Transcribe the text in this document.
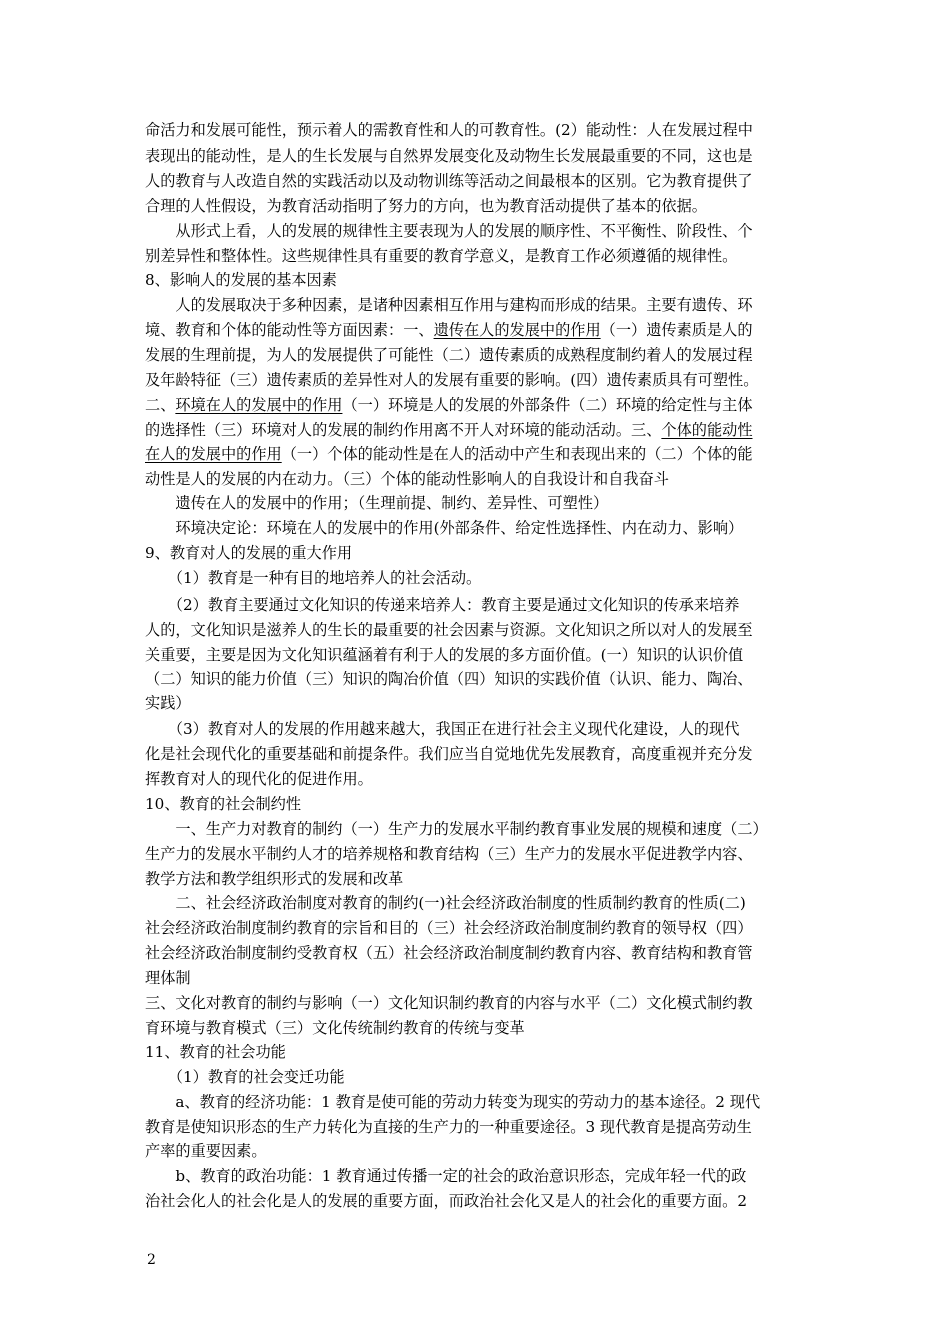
命活力和发展可能性，预示着人的需教育性和人的可教育性。(2）能动性：人在发展过程中
表现出的能动性，是人的生长发展与自然界发展变化及动物生长发展最重要的不同，这也是
人的教育与人改造自然的实践活动以及动物训练等活动之间最根本的区别。它为教育提供了
合理的人性假设，为教育活动指明了努力的方向，也为教育活动提供了基本的依据。
　　从形式上看，人的发展的规律性主要表现为人的发展的顺序性、不平衡性、阶段性、个
别差异性和整体性。这些规律性具有重要的教育学意义，是教育工作必须遵循的规律性。
8、影响人的发展的基本因素
　　人的发展取决于多种因素，是诸种因素相互作用与建构而形成的结果。主要有遗传、环
境、教育和个体的能动性等方面因素：一、遗传在人的发展中的作用（一）遗传素质是人的
发展的生理前提，为人的发展提供了可能性（二）遗传素质的成熟程度制约着人的发展过程
及年龄特征（三）遗传素质的差异性对人的发展有重要的影响。(四）遗传素质具有可塑性。
二、环境在人的发展中的作用（一）环境是人的发展的外部条件（二）环境的给定性与主体
的选择性（三）环境对人的发展的制约作用离不开人对环境的能动活动。三、个体的能动性
在人的发展中的作用（一）个体的能动性是在人的活动中产生和表现出来的（二）个体的能
动性是人的发展的内在动力。（三）个体的能动性影响人的自我设计和自我奋斗
　　遗传在人的发展中的作用；（生理前提、制约、差异性、可塑性）
　　环境决定论：环境在人的发展中的作用(外部条件、给定性选择性、内在动力、影响）
9、教育对人的发展的重大作用
　　（1）教育是一种有目的地培养人的社会活动。
　　（2）教育主要通过文化知识的传递来培养人：教育主要是通过文化知识的传承来培养
人的，文化知识是滋养人的生长的最重要的社会因素与资源。文化知识之所以对人的发展至
关重要，主要是因为文化知识蕴涵着有利于人的发展的多方面价值。(一）知识的认识价值
（二）知识的能力价值（三）知识的陶冶价值（四）知识的实践价值（认识、能力、陶冶、
实践）
　　（3）教育对人的发展的作用越来越大，我国正在进行社会主义现代化建设，人的现代
化是社会现代化的重要基础和前提条件。我们应当自觉地优先发展教育，高度重视并充分发
挥教育对人的现代化的促进作用。
10、教育的社会制约性
　　一、生产力对教育的制约（一）生产力的发展水平制约教育事业发展的规模和速度（二）
生产力的发展水平制约人才的培养规格和教育结构（三）生产力的发展水平促进教学内容、
教学方法和教学组织形式的发展和改革
　　二、社会经济政治制度对教育的制约(一)社会经济政治制度的性质制约教育的性质(二)
社会经济政治制度制约教育的宗旨和目的（三）社会经济政治制度制约教育的领导权（四）
社会经济政治制度制约受教育权（五）社会经济政治制度制约教育内容、教育结构和教育管
理体制
三、文化对教育的制约与影响（一）文化知识制约教育的内容与水平（二）文化模式制约教
育环境与教育模式（三）文化传统制约教育的传统与变革
11、教育的社会功能
　　（1）教育的社会变迁功能
　　a、教育的经济功能：1 教育是使可能的劳动力转变为现实的劳动力的基本途径。2 现代
教育是使知识形态的生产力转化为直接的生产力的一种重要途径。3 现代教育是提高劳动生
产率的重要因素。
　　b、教育的政治功能：1 教育通过传播一定的社会的政治意识形态，完成年轻一代的政
治社会化人的社会化是人的发展的重要方面，而政治社会化又是人的社会化的重要方面。2
2
